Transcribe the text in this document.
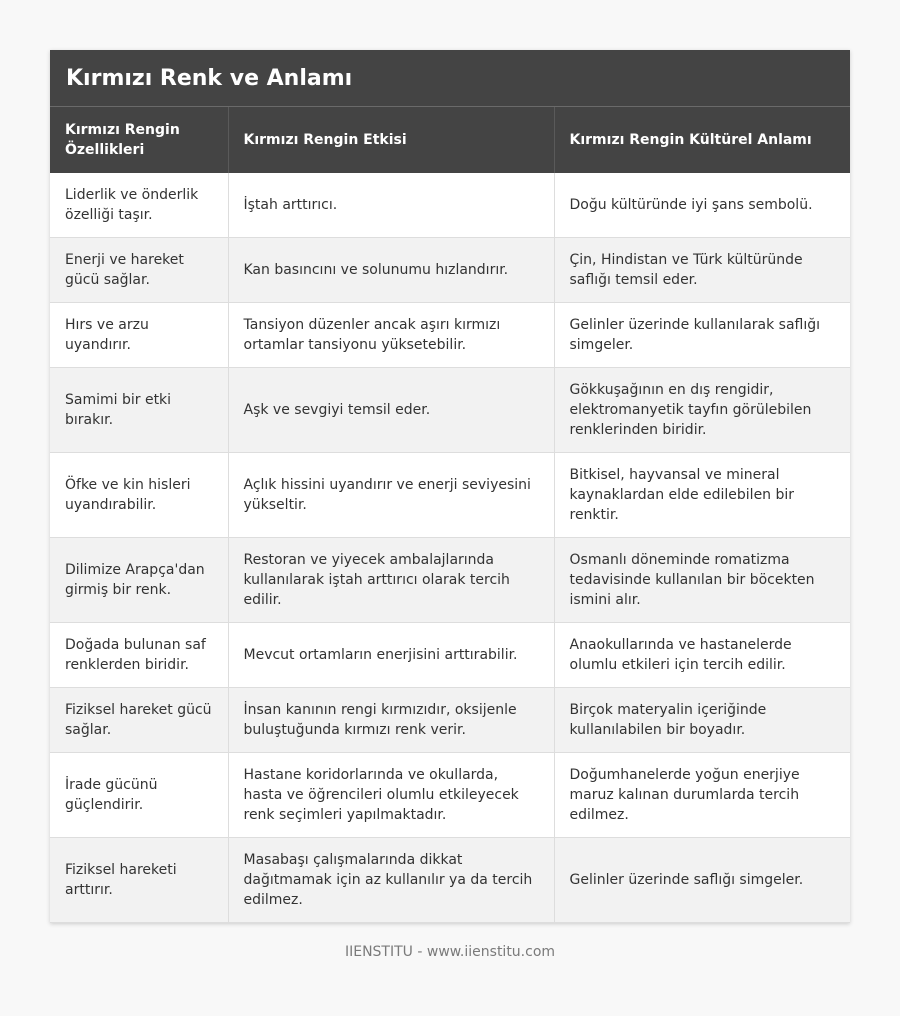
Kırmızı Renk ve Anlamı
Kırmızı Rengin Özellikleri	Kırmızı Rengin Etkisi	Kırmızı Rengin Kültürel Anlamı
Liderlik ve önderlik özelliği taşır.	İştah arttırıcı.	Doğu kültüründe iyi şans sembolü.
Enerji ve hareket gücü sağlar.	Kan basıncını ve solunumu hızlandırır.	Çin, Hindistan ve Türk kültüründe saflığı temsil eder.
Hırs ve arzu uyandırır.	Tansiyon düzenler ancak aşırı kırmızı ortamlar tansiyonu yüksetebilir.	Gelinler üzerinde kullanılarak saflığı simgeler.
Samimi bir etki bırakır.	Aşk ve sevgiyi temsil eder.	Gökkuşağının en dış rengidir, elektromanyetik tayfın görülebilen renklerinden biridir.
Öfke ve kin hisleri uyandırabilir.	Açlık hissini uyandırır ve enerji seviyesini yükseltir.	Bitkisel, hayvansal ve mineral kaynaklardan elde edilebilen bir renktir.
Dilimize Arapça'dan girmiş bir renk.	Restoran ve yiyecek ambalajlarında kullanılarak iştah arttırıcı olarak tercih edilir.	Osmanlı döneminde romatizma tedavisinde kullanılan bir böcekten ismini alır.
Doğada bulunan saf renklerden biridir.	Mevcut ortamların enerjisini arttırabilir.	Anaokullarında ve hastanelerde olumlu etkileri için tercih edilir.
Fiziksel hareket gücü sağlar.	İnsan kanının rengi kırmızıdır, oksijenle buluştuğunda kırmızı renk verir.	Birçok materyalin içeriğinde kullanılabilen bir boyadır.
İrade gücünü güçlendirir.	Hastane koridorlarında ve okullarda, hasta ve öğrencileri olumlu etkileyecek renk seçimleri yapılmaktadır.	Doğumhanelerde yoğun enerjiye maruz kalınan durumlarda tercih edilmez.
Fiziksel hareketi arttırır.	Masabaşı çalışmalarında dikkat dağıtmamak için az kullanılır ya da tercih edilmez.	Gelinler üzerinde saflığı simgeler.
IIENSTITU - www.iienstitu.com
